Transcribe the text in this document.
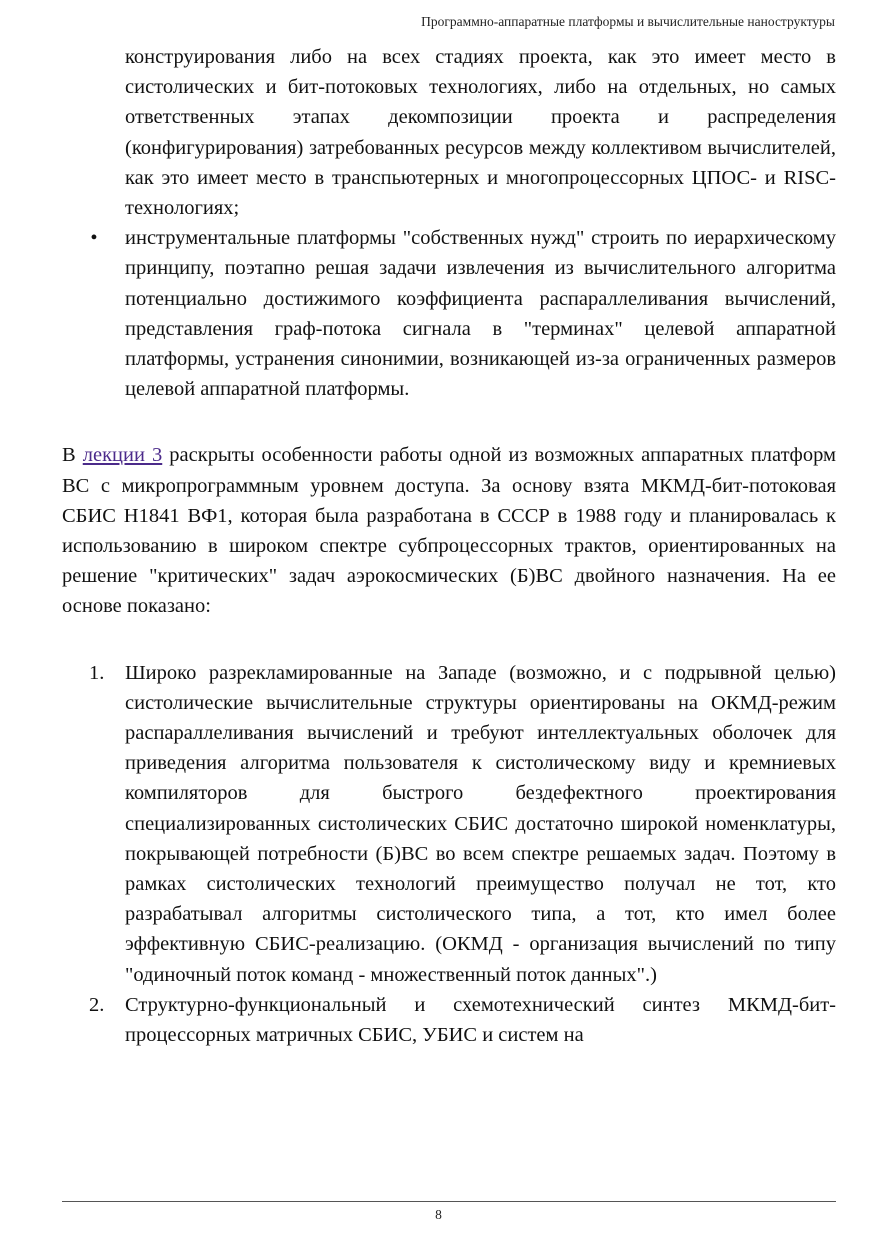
Программно-аппаратные платформы и вычислительные наноструктуры

конструирования либо на всех стадиях проекта, как это имеет место в систолических и бит-потоковых технологиях, либо на отдельных, но самых ответственных этапах декомпозиции проекта и распределения (конфигурирования) затребованных ресурсов между коллективом вычислителей, как это имеет место в транспьютерных и многопроцессорных ЦПОС- и RISC-технологиях;

• инструментальные платформы "собственных нужд" строить по иерархическому принципу, поэтапно решая задачи извлечения из вычислительного алгоритма потенциально достижимого коэффициента распараллеливания вычислений, представления граф-потока сигнала в "терминах" целевой аппаратной платформы, устранения синонимии, возникающей из-за ограниченных размеров целевой аппаратной платформы.

В лекции 3 раскрыты особенности работы одной из возможных аппаратных платформ ВС с микропрограммным уровнем доступа. За основу взята МКМД-бит-потоковая СБИС Н1841 ВФ1, которая была разработана в СССР в 1988 году и планировалась к использованию в широком спектре субпроцессорных трактов, ориентированных на решение "критических" задач аэрокосмических (Б)ВС двойного назначения. На ее основе показано:

1. Широко разрекламированные на Западе (возможно, и с подрывной целью) систолические вычислительные структуры ориентированы на ОКМД-режим распараллеливания вычислений и требуют интеллектуальных оболочек для приведения алгоритма пользователя к систолическому виду и кремниевых компиляторов для быстрого бездефектного проектирования специализированных систолических СБИС достаточно широкой номенклатуры, покрывающей потребности (Б)ВС во всем спектре решаемых задач. Поэтому в рамках систолических технологий преимущество получал не тот, кто разрабатывал алгоритмы систолического типа, а тот, кто имел более эффективную СБИС-реализацию. (ОКМД - организация вычислений по типу "одиночный поток команд - множественный поток данных".)
2. Структурно-функциональный и схемотехнический синтез МКМД-бит-процессорных матричных СБИС, УБИС и систем на
8
